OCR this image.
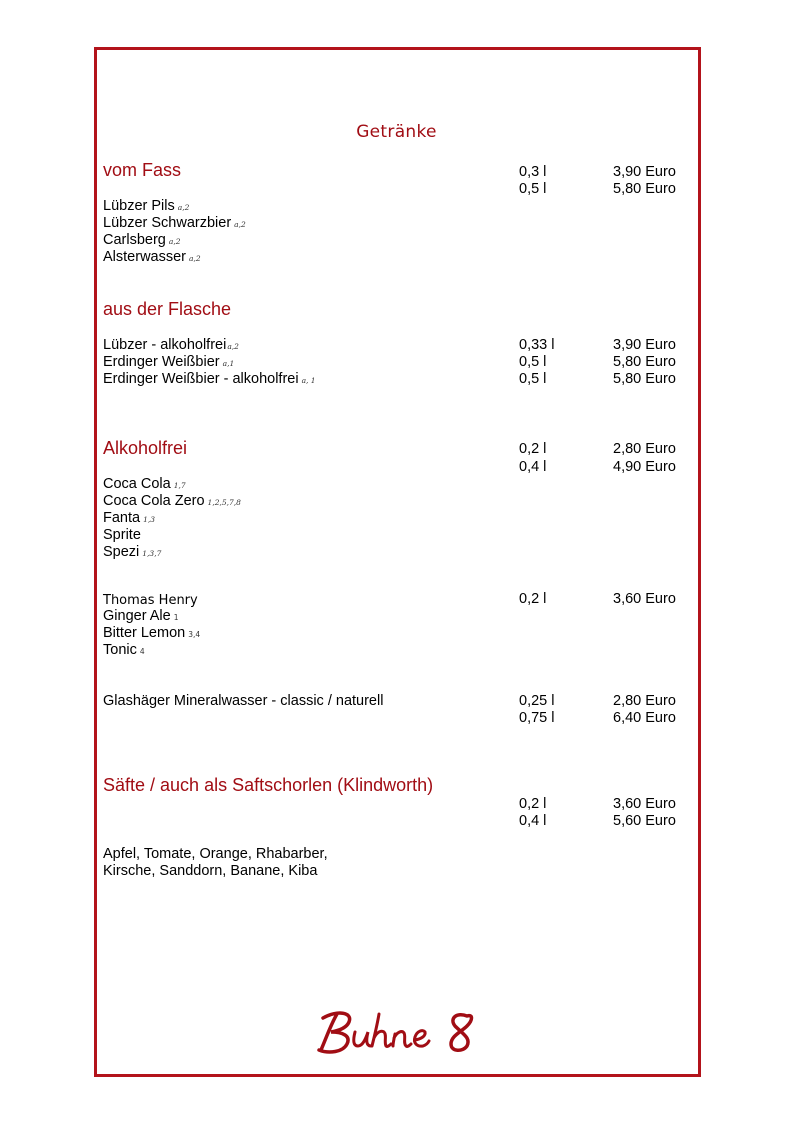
Getränke
vom Fass	0,3 l	3,90 Euro
0,5 l	5,80 Euro
Lübzer Pils a,2
Lübzer Schwarzbier a,2
Carlsberg a,2
Alsterwasser a,2
aus der Flasche
Lübzer - alkoholfreia,2	0,33 l	3,90 Euro
Erdinger Weißbier a,1	0,5 l	5,80 Euro
Erdinger Weißbier - alkoholfrei a, 1	0,5 l	5,80 Euro
Alkoholfrei	0,2 l	2,80 Euro
0,4 l	4,90 Euro
Coca Cola 1,7
Coca Cola Zero 1,2,5,7,8
Fanta 1,3
Sprite
Spezi 1,3,7
Thomas Henry	0,2 l	3,60 Euro
Ginger Ale 1
Bitter Lemon 3,4
Tonic 4
Glashäger Mineralwasser - classic / naturell	0,25 l	2,80 Euro
0,75 l	6,40 Euro
Säfte / auch als Saftschorlen (Klindworth)
0,2 l	3,60 Euro
0,4 l	5,60 Euro
Apfel, Tomate, Orange, Rhabarber,
Kirsche, Sanddorn, Banane, Kiba
